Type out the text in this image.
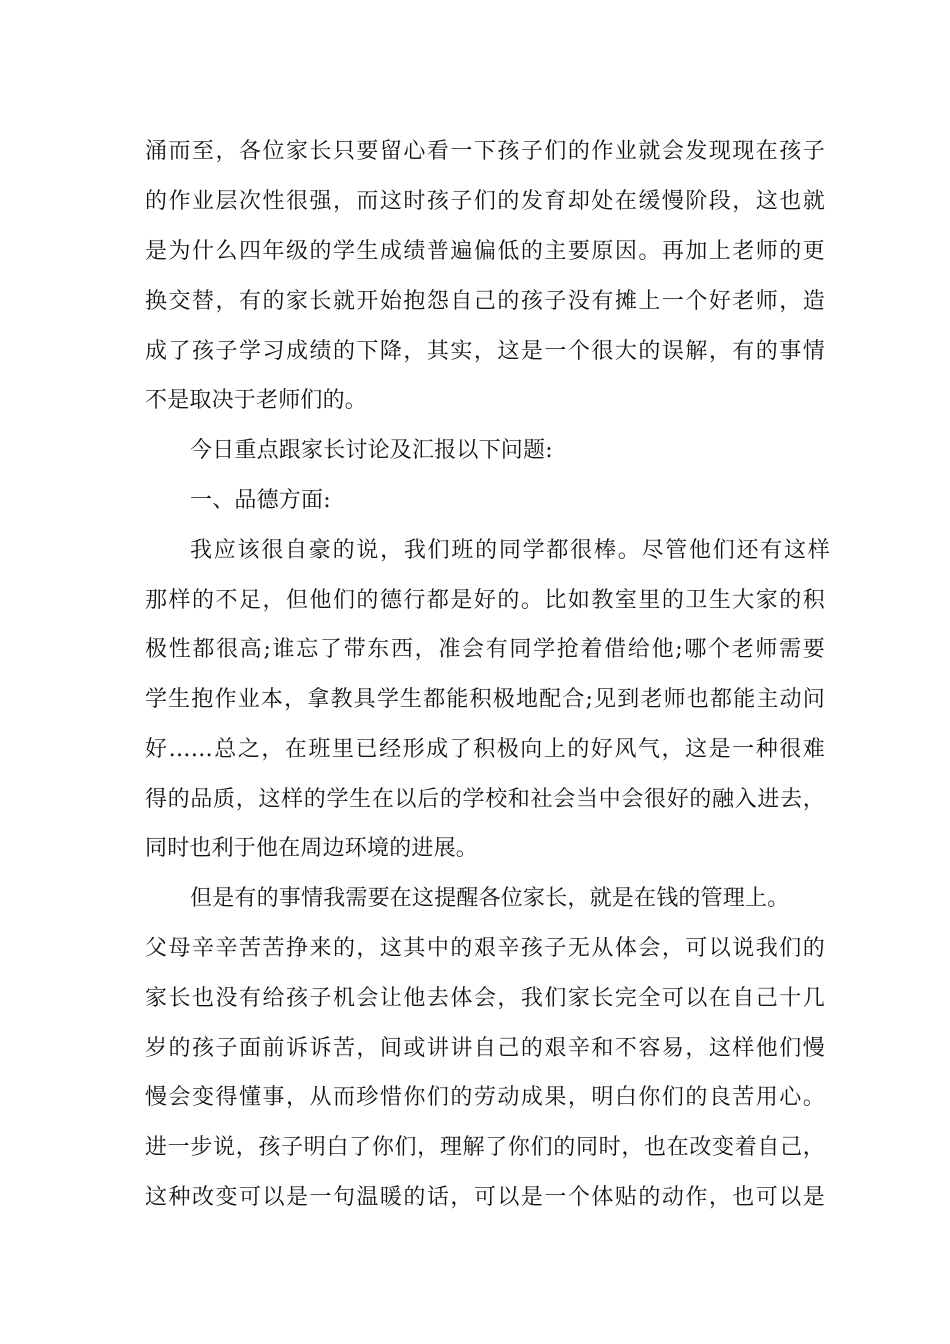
涌而至，各位家长只要留心看一下孩子们的作业就会发现现在孩子
的作业层次性很强，而这时孩子们的发育却处在缓慢阶段，这也就
是为什么四年级的学生成绩普遍偏低的主要原因。再加上老师的更
换交替，有的家长就开始抱怨自己的孩子没有摊上一个好老师，造
成了孩子学习成绩的下降，其实，这是一个很大的误解，有的事情
不是取决于老师们的。
今日重点跟家长讨论及汇报以下问题:
一、品德方面:
我应该很自豪的说，我们班的同学都很棒。尽管他们还有这样
那样的不足，但他们的德行都是好的。比如教室里的卫生大家的积
极性都很高;谁忘了带东西，准会有同学抢着借给他;哪个老师需要
学生抱作业本，拿教具学生都能积极地配合;见到老师也都能主动问
好……总之，在班里已经形成了积极向上的好风气，这是一种很难
得的品质，这样的学生在以后的学校和社会当中会很好的融入进去，
同时也利于他在周边环境的进展。
但是有的事情我需要在这提醒各位家长，就是在钱的管理上。
父母辛辛苦苦挣来的，这其中的艰辛孩子无从体会，可以说我们的
家长也没有给孩子机会让他去体会，我们家长完全可以在自己十几
岁的孩子面前诉诉苦，间或讲讲自己的艰辛和不容易，这样他们慢
慢会变得懂事，从而珍惜你们的劳动成果，明白你们的良苦用心。
进一步说，孩子明白了你们，理解了你们的同时，也在改变着自己，
这种改变可以是一句温暖的话，可以是一个体贴的动作，也可以是
